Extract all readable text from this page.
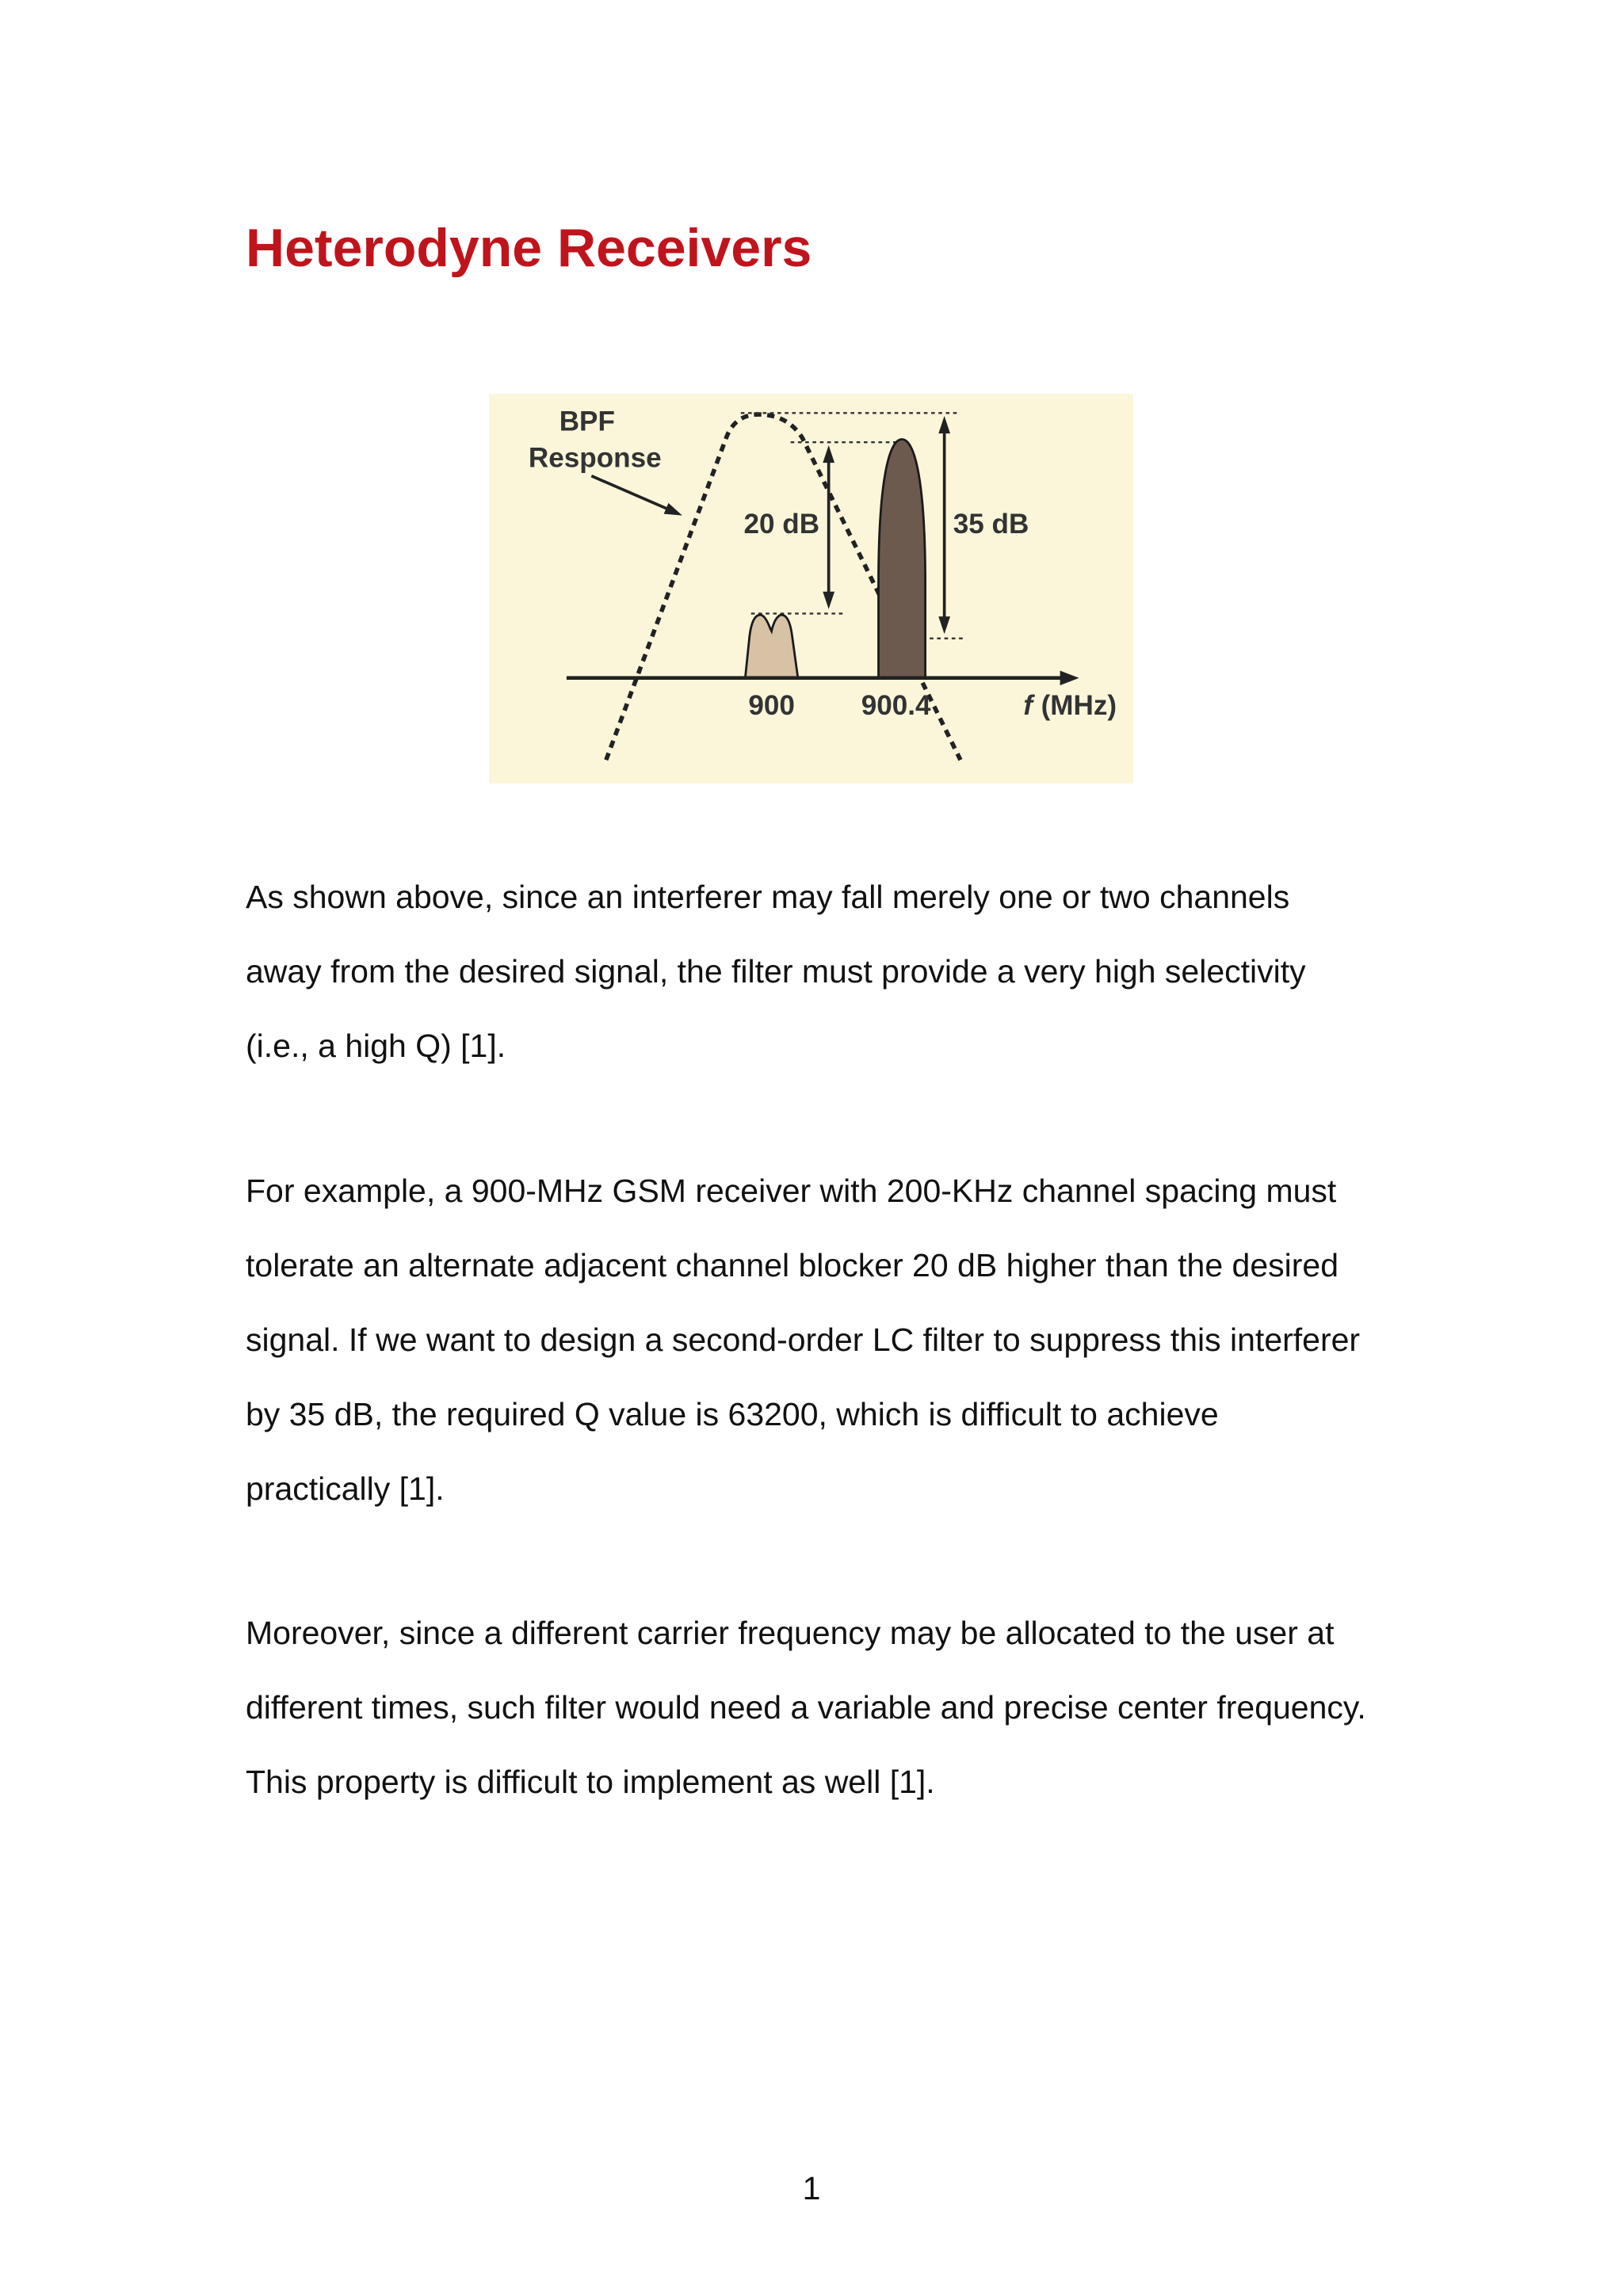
Heterodyne Receivers
BPF
Response
20 dB	35 dB
900	900.4	f (MHz)

As shown above, since an interferer may fall merely one or two channels
away from the desired signal, the filter must provide a very high selectivity
(i.e., a high Q) [1].

For example, a 900-MHz GSM receiver with 200-KHz channel spacing must
tolerate an alternate adjacent channel blocker 20 dB higher than the desired
signal. If we want to design a second-order LC filter to suppress this interferer
by 35 dB, the required Q value is 63200, which is difficult to achieve
practically [1].

Moreover, since a different carrier frequency may be allocated to the user at
different times, such filter would need a variable and precise center frequency.
This property is difficult to implement as well [1].

1
